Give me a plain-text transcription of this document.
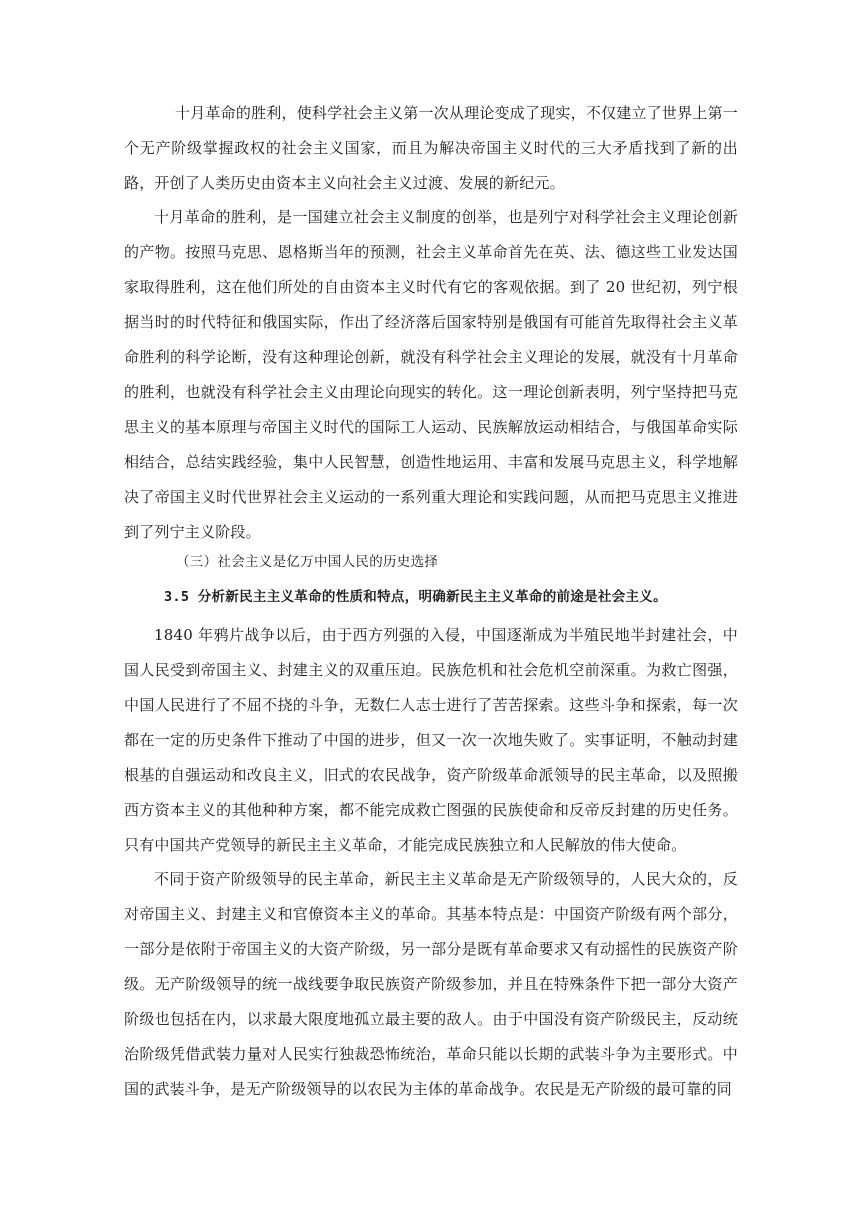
十月革命的胜利，使科学社会主义第一次从理论变成了现实，不仅建立了世界上第一个无产阶级掌握政权的社会主义国家，而且为解决帝国主义时代的三大矛盾找到了新的出路，开创了人类历史由资本主义向社会主义过渡、发展的新纪元。

十月革命的胜利，是一国建立社会主义制度的创举，也是列宁对科学社会主义理论创新的产物。按照马克思、恩格斯当年的预测，社会主义革命首先在英、法、德这些工业发达国家取得胜利，这在他们所处的自由资本主义时代有它的客观依据。到了 20 世纪初，列宁根据当时的时代特征和俄国实际，作出了经济落后国家特别是俄国有可能首先取得社会主义革命胜利的科学论断，没有这种理论创新，就没有科学社会主义理论的发展，就没有十月革命的胜利，也就没有科学社会主义由理论向现实的转化。这一理论创新表明，列宁坚持把马克思主义的基本原理与帝国主义时代的国际工人运动、民族解放运动相结合，与俄国革命实际相结合，总结实践经验，集中人民智慧，创造性地运用、丰富和发展马克思主义，科学地解决了帝国主义时代世界社会主义运动的一系列重大理论和实践问题，从而把马克思主义推进到了列宁主义阶段。

（三）社会主义是亿万中国人民的历史选择

3.5 分析新民主主义革命的性质和特点，明确新民主主义革命的前途是社会主义。

1840 年鸦片战争以后，由于西方列强的入侵，中国逐渐成为半殖民地半封建社会，中国人民受到帝国主义、封建主义的双重压迫。民族危机和社会危机空前深重。为救亡图强，中国人民进行了不屈不挠的斗争，无数仁人志士进行了苦苦探索。这些斗争和探索，每一次都在一定的历史条件下推动了中国的进步，但又一次一次地失败了。实事证明，不触动封建根基的自强运动和改良主义，旧式的农民战争，资产阶级革命派领导的民主革命，以及照搬西方资本主义的其他种种方案，都不能完成救亡图强的民族使命和反帝反封建的历史任务。只有中国共产党领导的新民主主义革命，才能完成民族独立和人民解放的伟大使命。

不同于资产阶级领导的民主革命，新民主主义革命是无产阶级领导的，人民大众的，反对帝国主义、封建主义和官僚资本主义的革命。其基本特点是：中国资产阶级有两个部分，一部分是依附于帝国主义的大资产阶级，另一部分是既有革命要求又有动摇性的民族资产阶级。无产阶级领导的统一战线要争取民族资产阶级参加，并且在特殊条件下把一部分大资产阶级也包括在内，以求最大限度地孤立最主要的敌人。由于中国没有资产阶级民主，反动统治阶级凭借武装力量对人民实行独裁恐怖统治，革命只能以长期的武装斗争为主要形式。中国的武装斗争，是无产阶级领导的以农民为主体的革命战争。农民是无产阶级的最可靠的同
